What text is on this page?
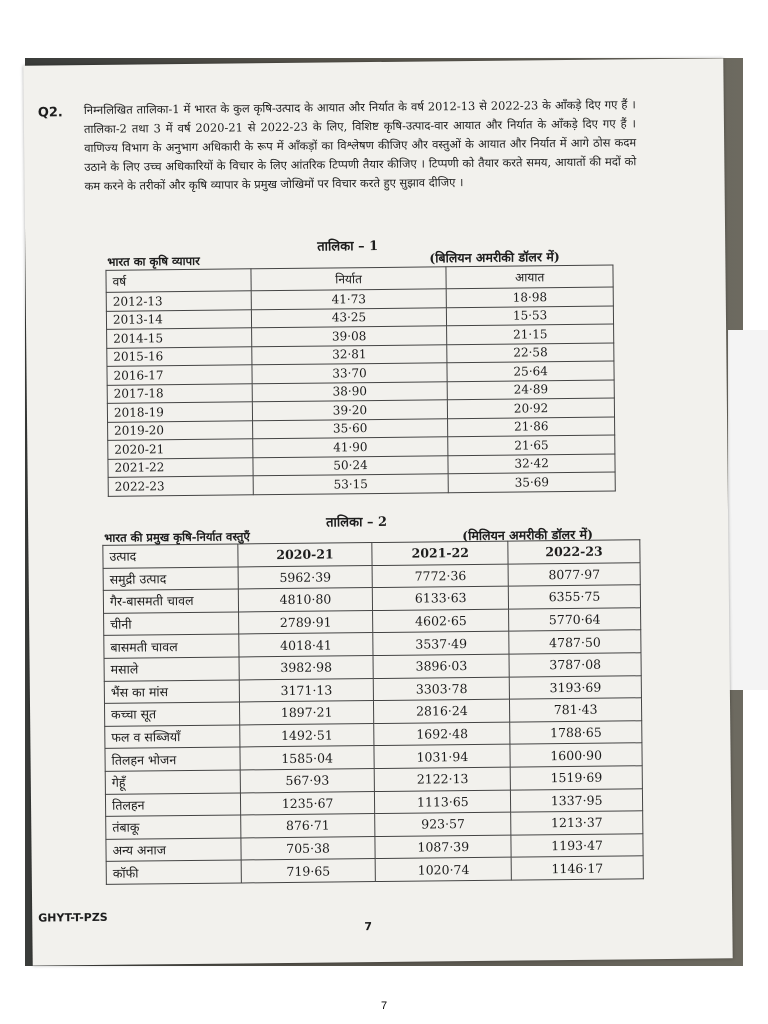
Q2. निम्नलिखित तालिका-1 में भारत के कुल कृषि-उत्पाद के आयात और निर्यात के वर्ष 2012-13 से 2022-23 के आँकड़े दिए गए हैं । तालिका-2 तथा 3 में वर्ष 2020-21 से 2022-23 के लिए, विशिष्ट कृषि-उत्पाद-वार आयात और निर्यात के आँकड़े दिए गए हैं । वाणिज्य विभाग के अनुभाग अधिकारी के रूप में आँकड़ों का विश्लेषण कीजिए और वस्तुओं के आयात और निर्यात में आगे ठोस कदम उठाने के लिए उच्च अधिकारियों के विचार के लिए आंतरिक टिप्पणी तैयार कीजिए । टिप्पणी को तैयार करते समय, आयातों की मदों को कम करने के तरीकों और कृषि व्यापार के प्रमुख जोखिमों पर विचार करते हुए सुझाव दीजिए ।

तालिका – 1
भारत का कृषि व्यापार	(बिलियन अमरीकी डॉलर में)
वर्ष	निर्यात	आयात
2012-13	41·73	18·98
2013-14	43·25	15·53
2014-15	39·08	21·15
2015-16	32·81	22·58
2016-17	33·70	25·64
2017-18	38·90	24·89
2018-19	39·20	20·92
2019-20	35·60	21·86
2020-21	41·90	21·65
2021-22	50·24	32·42
2022-23	53·15	35·69
तालिका – 2
भारत की प्रमुख कृषि-निर्यात वस्तुएँ	(मिलियन अमरीकी डॉलर में)
उत्पाद	2020-21	2021-22	2022-23
समुद्री उत्पाद	5962·39	7772·36	8077·97
गैर-बासमती चावल	4810·80	6133·63	6355·75
चीनी	2789·91	4602·65	5770·64
बासमती चावल	4018·41	3537·49	4787·50
मसाले	3982·98	3896·03	3787·08
भैंस का मांस	3171·13	3303·78	3193·69
कच्चा सूत	1897·21	2816·24	781·43
फल व सब्जियाँ	1492·51	1692·48	1788·65
तिलहन भोजन	1585·04	1031·94	1600·90
गेहूँ	567·93	2122·13	1519·69
तिलहन	1235·67	1113·65	1337·95
तंबाकू	876·71	923·57	1213·37
अन्य अनाज	705·38	1087·39	1193·47
कॉफी	719·65	1020·74	1146·17
GHYT-T-PZS
7
7
